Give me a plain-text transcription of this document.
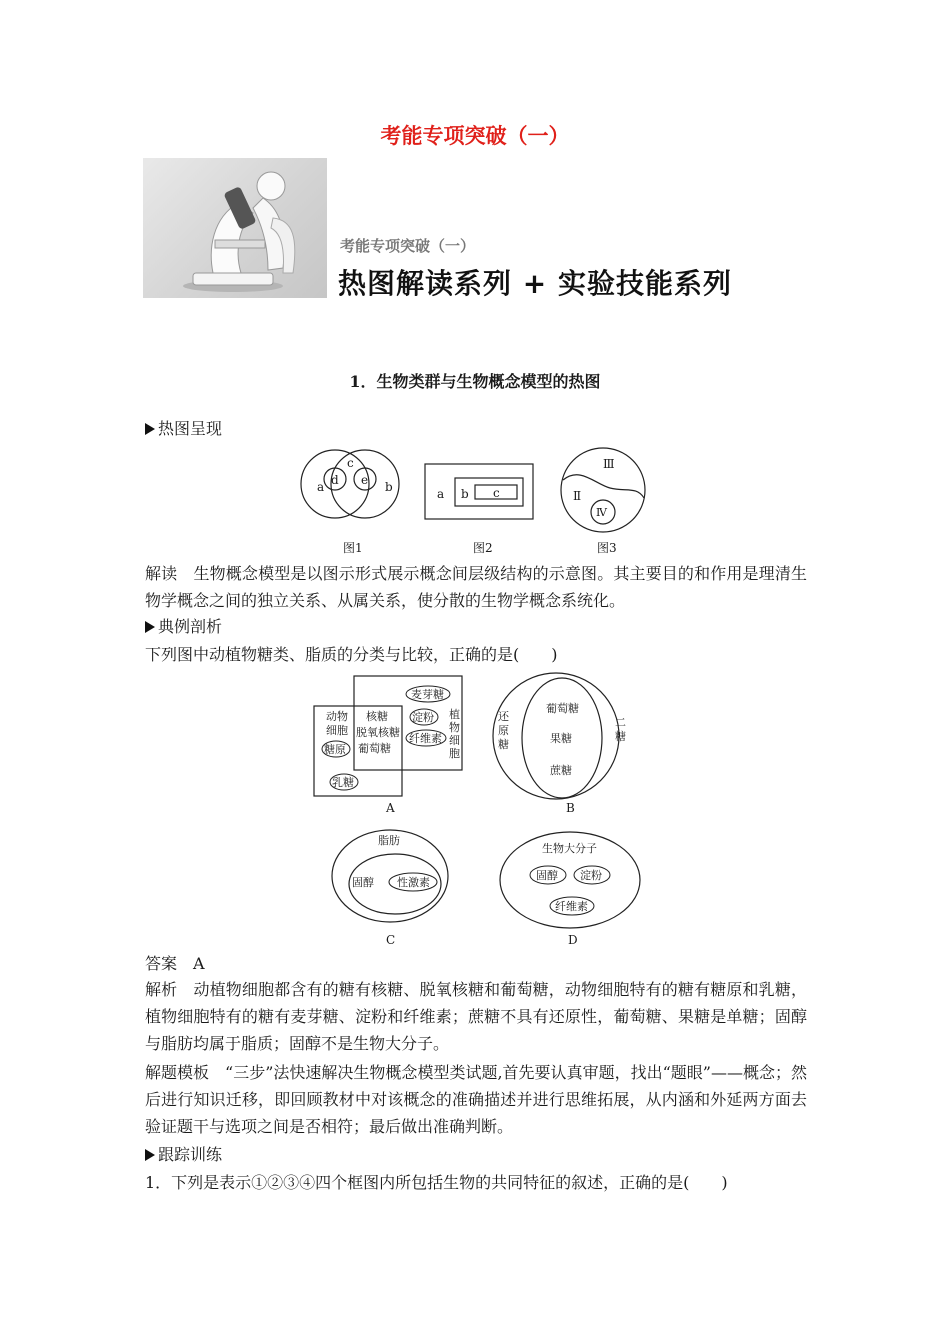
考能专项突破（一）
考能专项突破（一）
热图解读系列 + 实验技能系列
1．生物类群与生物概念模型的热图
热图呈现
a
c
d e b
图1
a b c
图2
Ⅲ
Ⅱ
Ⅳ
图3
解读　 生物概念模型是以图示形式展示概念间层级结构的示意图。其主要目的和作用是理清生物学概念之间的独立关系、从属关系，使分散的生物学概念系统化。
典例剖析
下列图中动植物糖类、脂质的分类与比较，正确的是(　　)
动物
细胞
糖原
乳糖
核糖
脱氧核糖
葡萄糖
麦芽糖
淀粉
纤维素
植
物
细
胞
A
还
原
糖
二
糖
葡萄糖
果糖
蔗糖
B
脂肪
固醇 性激素
C
生物大分子
固醇 淀粉
纤维素
D
答案　 A
解析　 动植物细胞都含有的糖有核糖、脱氧核糖和葡萄糖，动物细胞特有的糖有糖原和乳糖，植物细胞特有的糖有麦芽糖、淀粉和纤维素；蔗糖不具有还原性，葡萄糖、果糖是单糖；固醇与脂肪均属于脂质；固醇不是生物大分子。
解题模板　 “三步”法快速解决生物概念模型类试题,首先要认真审题，找出“题眼”——概念；然后进行知识迁移，即回顾教材中对该概念的准确描述并进行思维拓展，从内涵和外延两方面去验证题干与选项之间是否相符；最后做出准确判断。
跟踪训练
1．下列是表示①②③④四个框图内所包括生物的共同特征的叙述，正确的是(　　)
